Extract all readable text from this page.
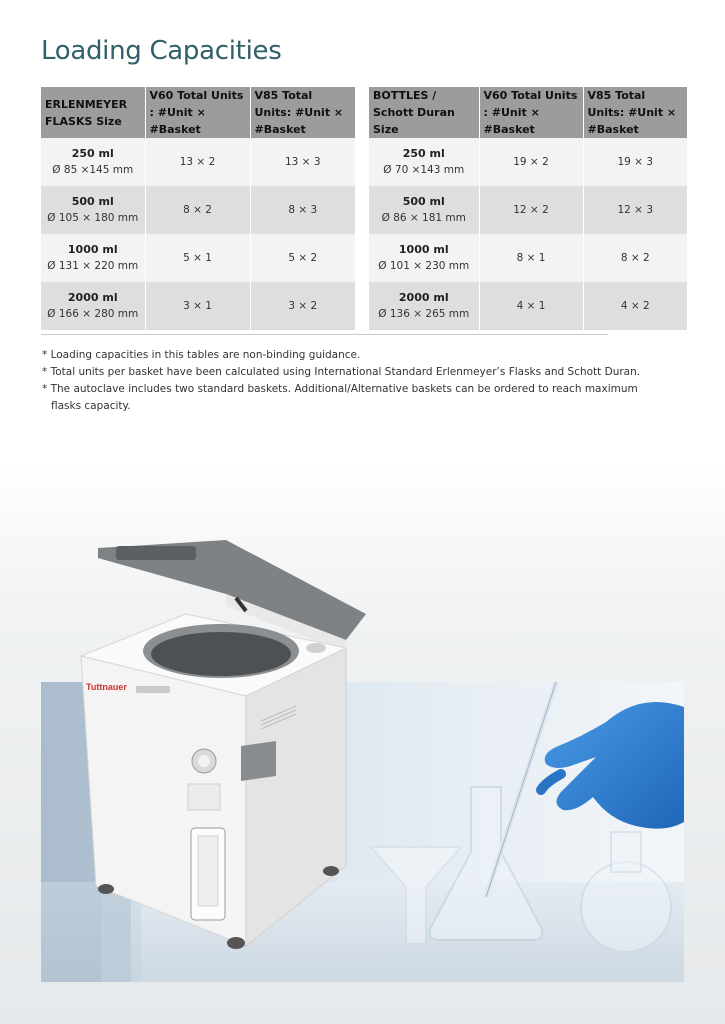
Loading Capacities
ERLENMEYER FLASKS Size	V60 Total Units : #Unit × #Basket	V85 Total Units: #Unit × #Basket

250 ml
Ø 85 ×145 mm	13 × 2	13 × 3

500 ml
Ø 105 × 180 mm	8 × 2	8 × 3

1000 ml
Ø 131 × 220 mm	5 × 1	5 × 2

2000 ml
Ø 166 × 280 mm	3 × 1	3 × 2
BOTTLES / Schott Duran Size	V60 Total Units : #Unit × #Basket	V85 Total Units: #Unit × #Basket

250 ml
Ø 70 ×143 mm	19 × 2	19 × 3

500 ml
Ø 86 × 181 mm	12 × 2	12 × 3

1000 ml
Ø 101 × 230 mm	8 × 1	8 × 2

2000 ml
Ø 136 × 265 mm	4 × 1	4 × 2
* Loading capacities in this tables are non-binding guidance.
* Total units per basket have been calculated using International Standard Erlenmeyer’s Flasks and Schott Duran.
* The autoclave includes two standard baskets. Additional/Alternative baskets can be ordered to reach maximum flasks capacity.
Tuttnauer
